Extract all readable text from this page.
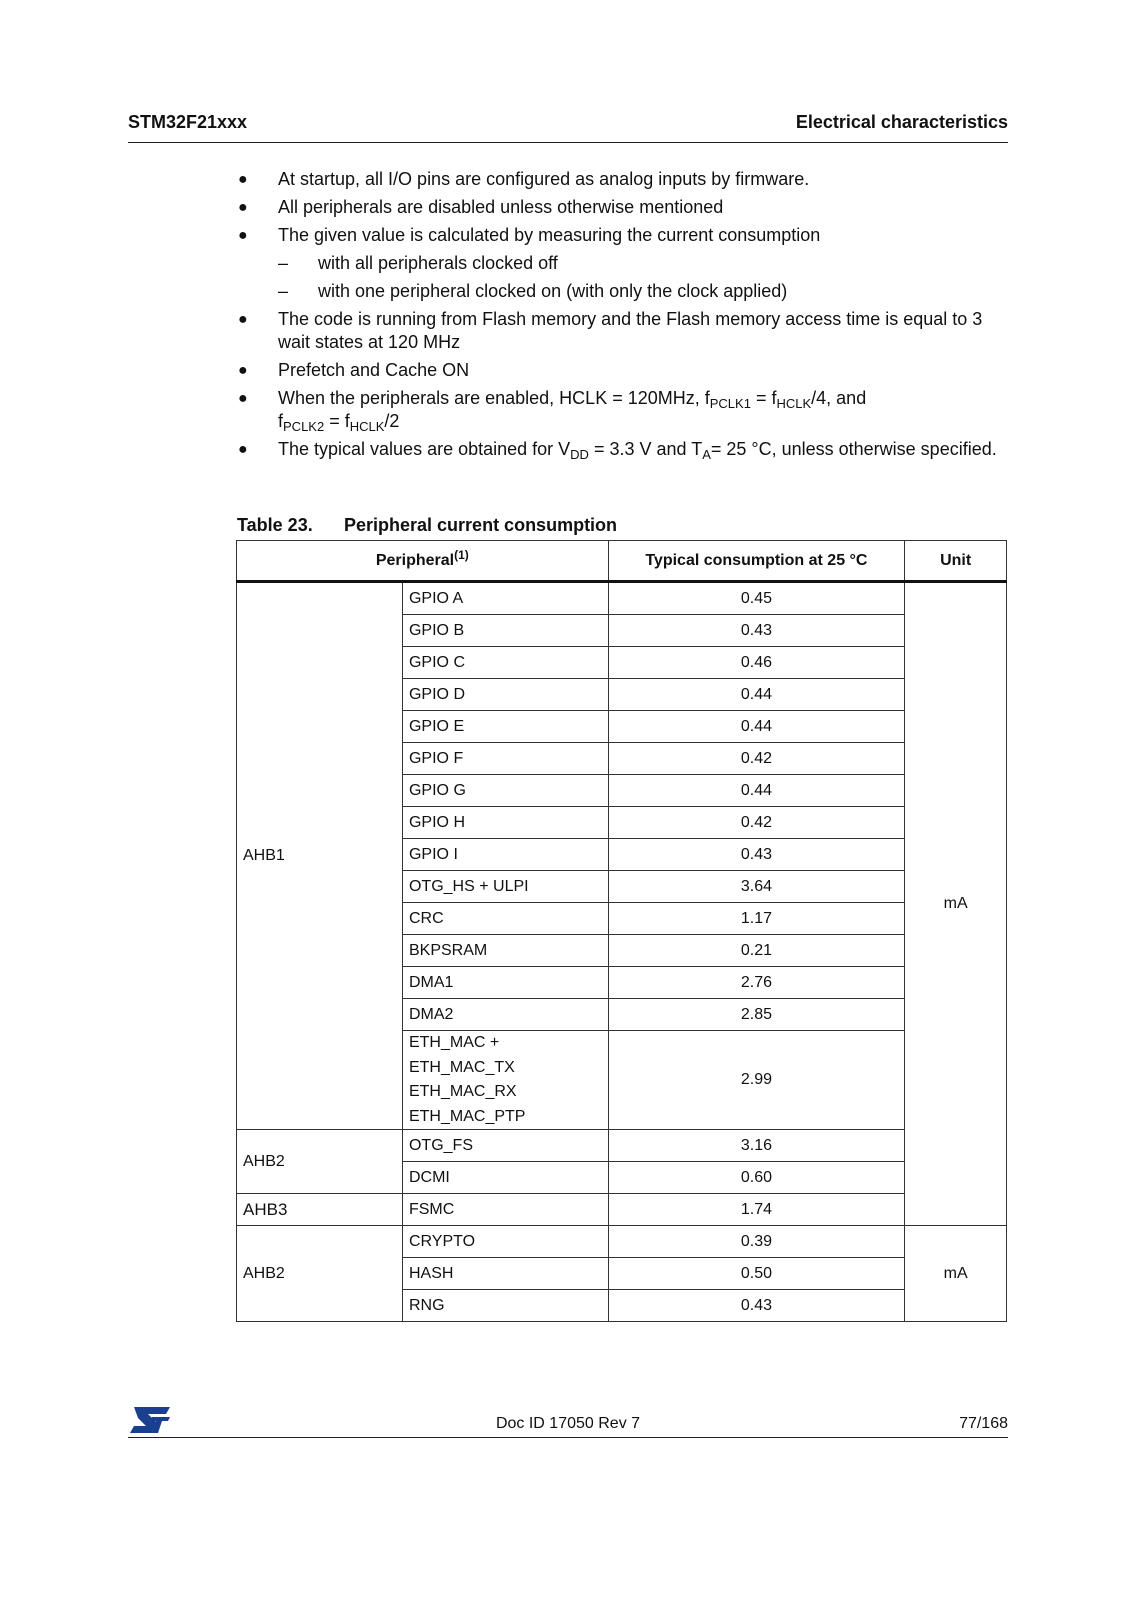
STM32F21xxx	Electrical characteristics
● At startup, all I/O pins are configured as analog inputs by firmware.
● All peripherals are disabled unless otherwise mentioned
● The given value is calculated by measuring the current consumption
– with all peripherals clocked off
– with one peripheral clocked on (with only the clock applied)
● The code is running from Flash memory and the Flash memory access time is equal to 3 wait states at 120 MHz
● Prefetch and Cache ON
● When the peripherals are enabled, HCLK = 120MHz, $f_{PCLK1} = f_{HCLK}/4$, and
$f_{PCLK2} = f_{HCLK}/2$
● The typical values are obtained for $V_{DD} = 3.3$ V and $T_A= 25$ °C, unless otherwise specified.
Table 23. Peripheral current consumption
Peripheral$^{(1)}$		Typical consumption at 25 °C	Unit
AHB1	GPIO A	0.45	mA
	GPIO B	0.43	
	GPIO C	0.46	
	GPIO D	0.44	
	GPIO E	0.44	
	GPIO F	0.42	
	GPIO G	0.44	
	GPIO H	0.42	
	GPIO I	0.43	
	OTG_HS + ULPI	3.64	
	CRC	1.17	
	BKPSRAM	0.21	
	DMA1	2.76	
	DMA2	2.85	

	ETH_MAC +
ETH_MAC_TX
ETH_MAC_RX
ETH_MAC_PTP	2.99	
AHB2	OTG_FS	3.16	
	DCMI	0.60	
AHB3	FSMC	1.74	
AHB2	CRYPTO	0.39	mA
	HASH	0.50	
	RNG	0.43	
Doc ID 17050 Rev 7	77/168
